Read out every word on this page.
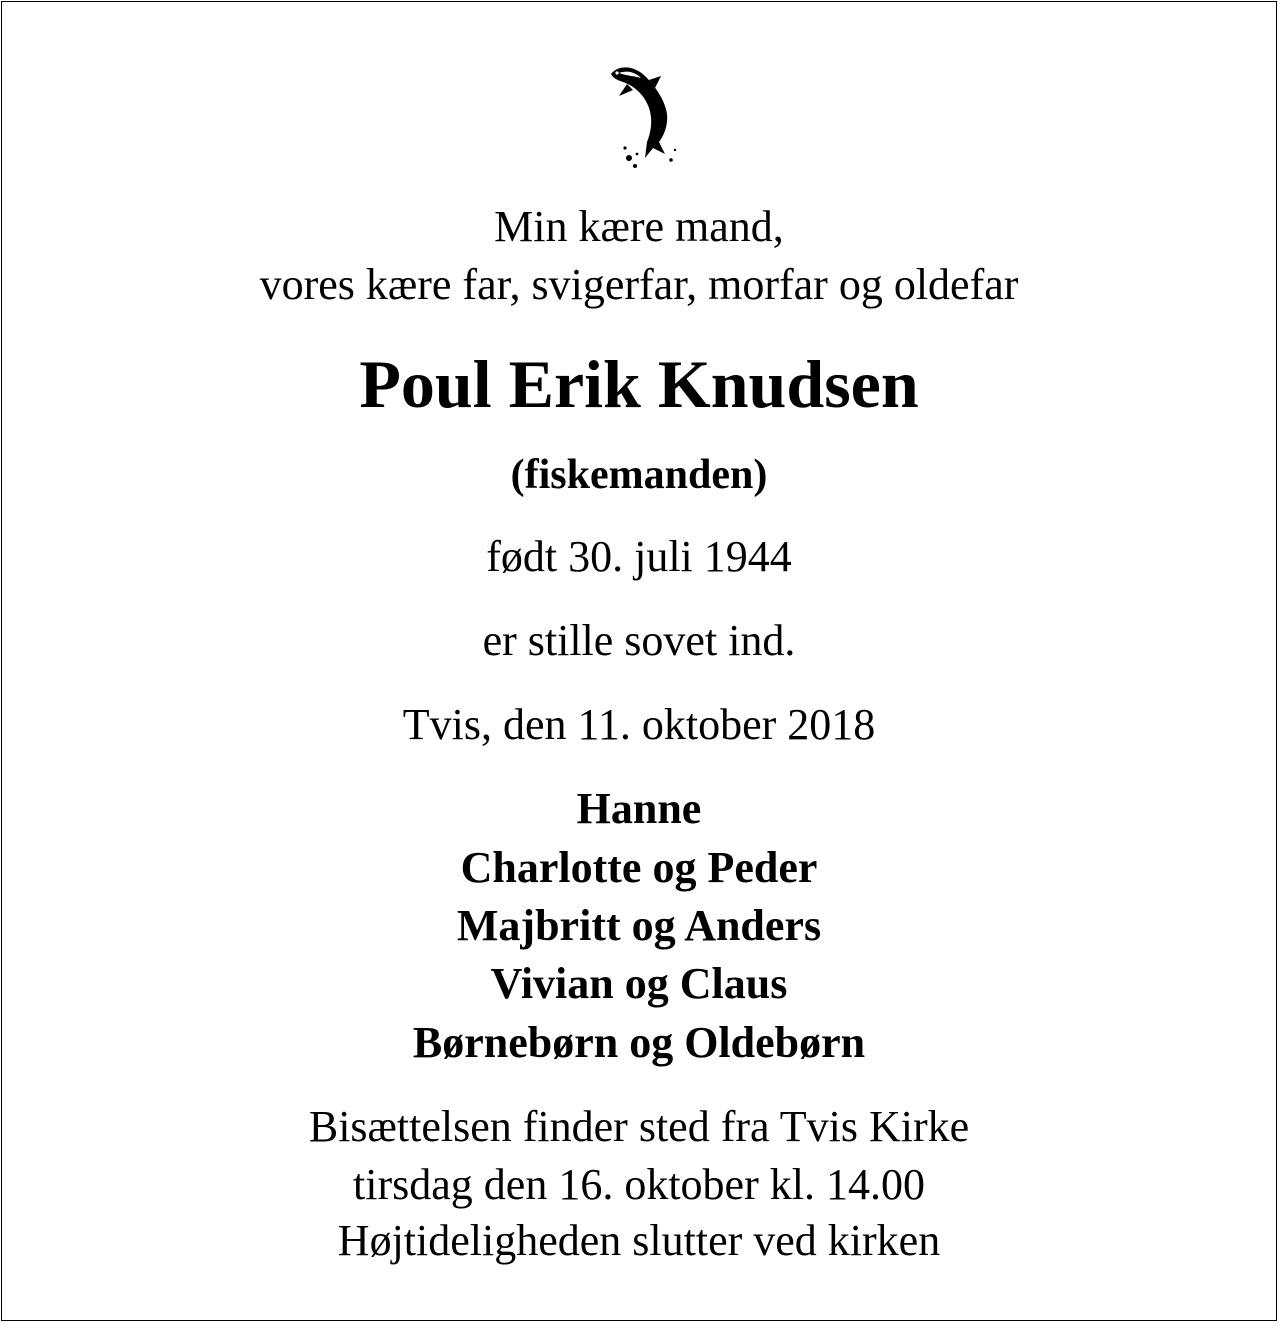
Min kære mand,

vores kære far, svigerfar, morfar og oldefar

Poul Erik Knudsen

(fiskemanden)

født 30. juli 1944

er stille sovet ind.

Tvis, den 11. oktober 2018

Hanne

Charlotte og Peder

Majbritt og Anders

Vivian og Claus

Børnebørn og Oldebørn

Bisættelsen finder sted fra Tvis Kirke

tirsdag den 16. oktober kl. 14.00

Højtideligheden slutter ved kirken
